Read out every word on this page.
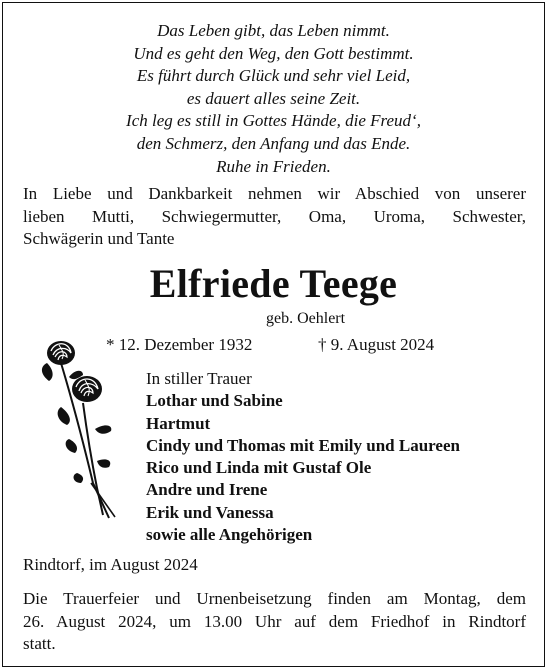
Das Leben gibt, das Leben nimmt.
Und es geht den Weg, den Gott bestimmt.
Es führt durch Glück und sehr viel Leid,
es dauert alles seine Zeit.
Ich leg es still in Gottes Hände, die Freud‘,
den Schmerz, den Anfang und das Ende.
Ruhe in Frieden.
In Liebe und Dankbarkeit nehmen wir Abschied von unserer
lieben Mutti, Schwiegermutter, Oma, Uroma, Schwester,
Schwägerin und Tante
Elfriede Teege
geb. Oehlert
* 12. Dezember 1932	† 9. August 2024
In stiller Trauer
Lothar und Sabine
Hartmut
Cindy und Thomas mit Emily und Laureen
Rico und Linda mit Gustaf Ole
Andre und Irene
Erik und Vanessa
sowie alle Angehörigen
Rindtorf, im August 2024
Die Trauerfeier und Urnenbeisetzung finden am Montag, dem
26. August 2024, um 13.00 Uhr auf dem Friedhof in Rindtorf
statt.
